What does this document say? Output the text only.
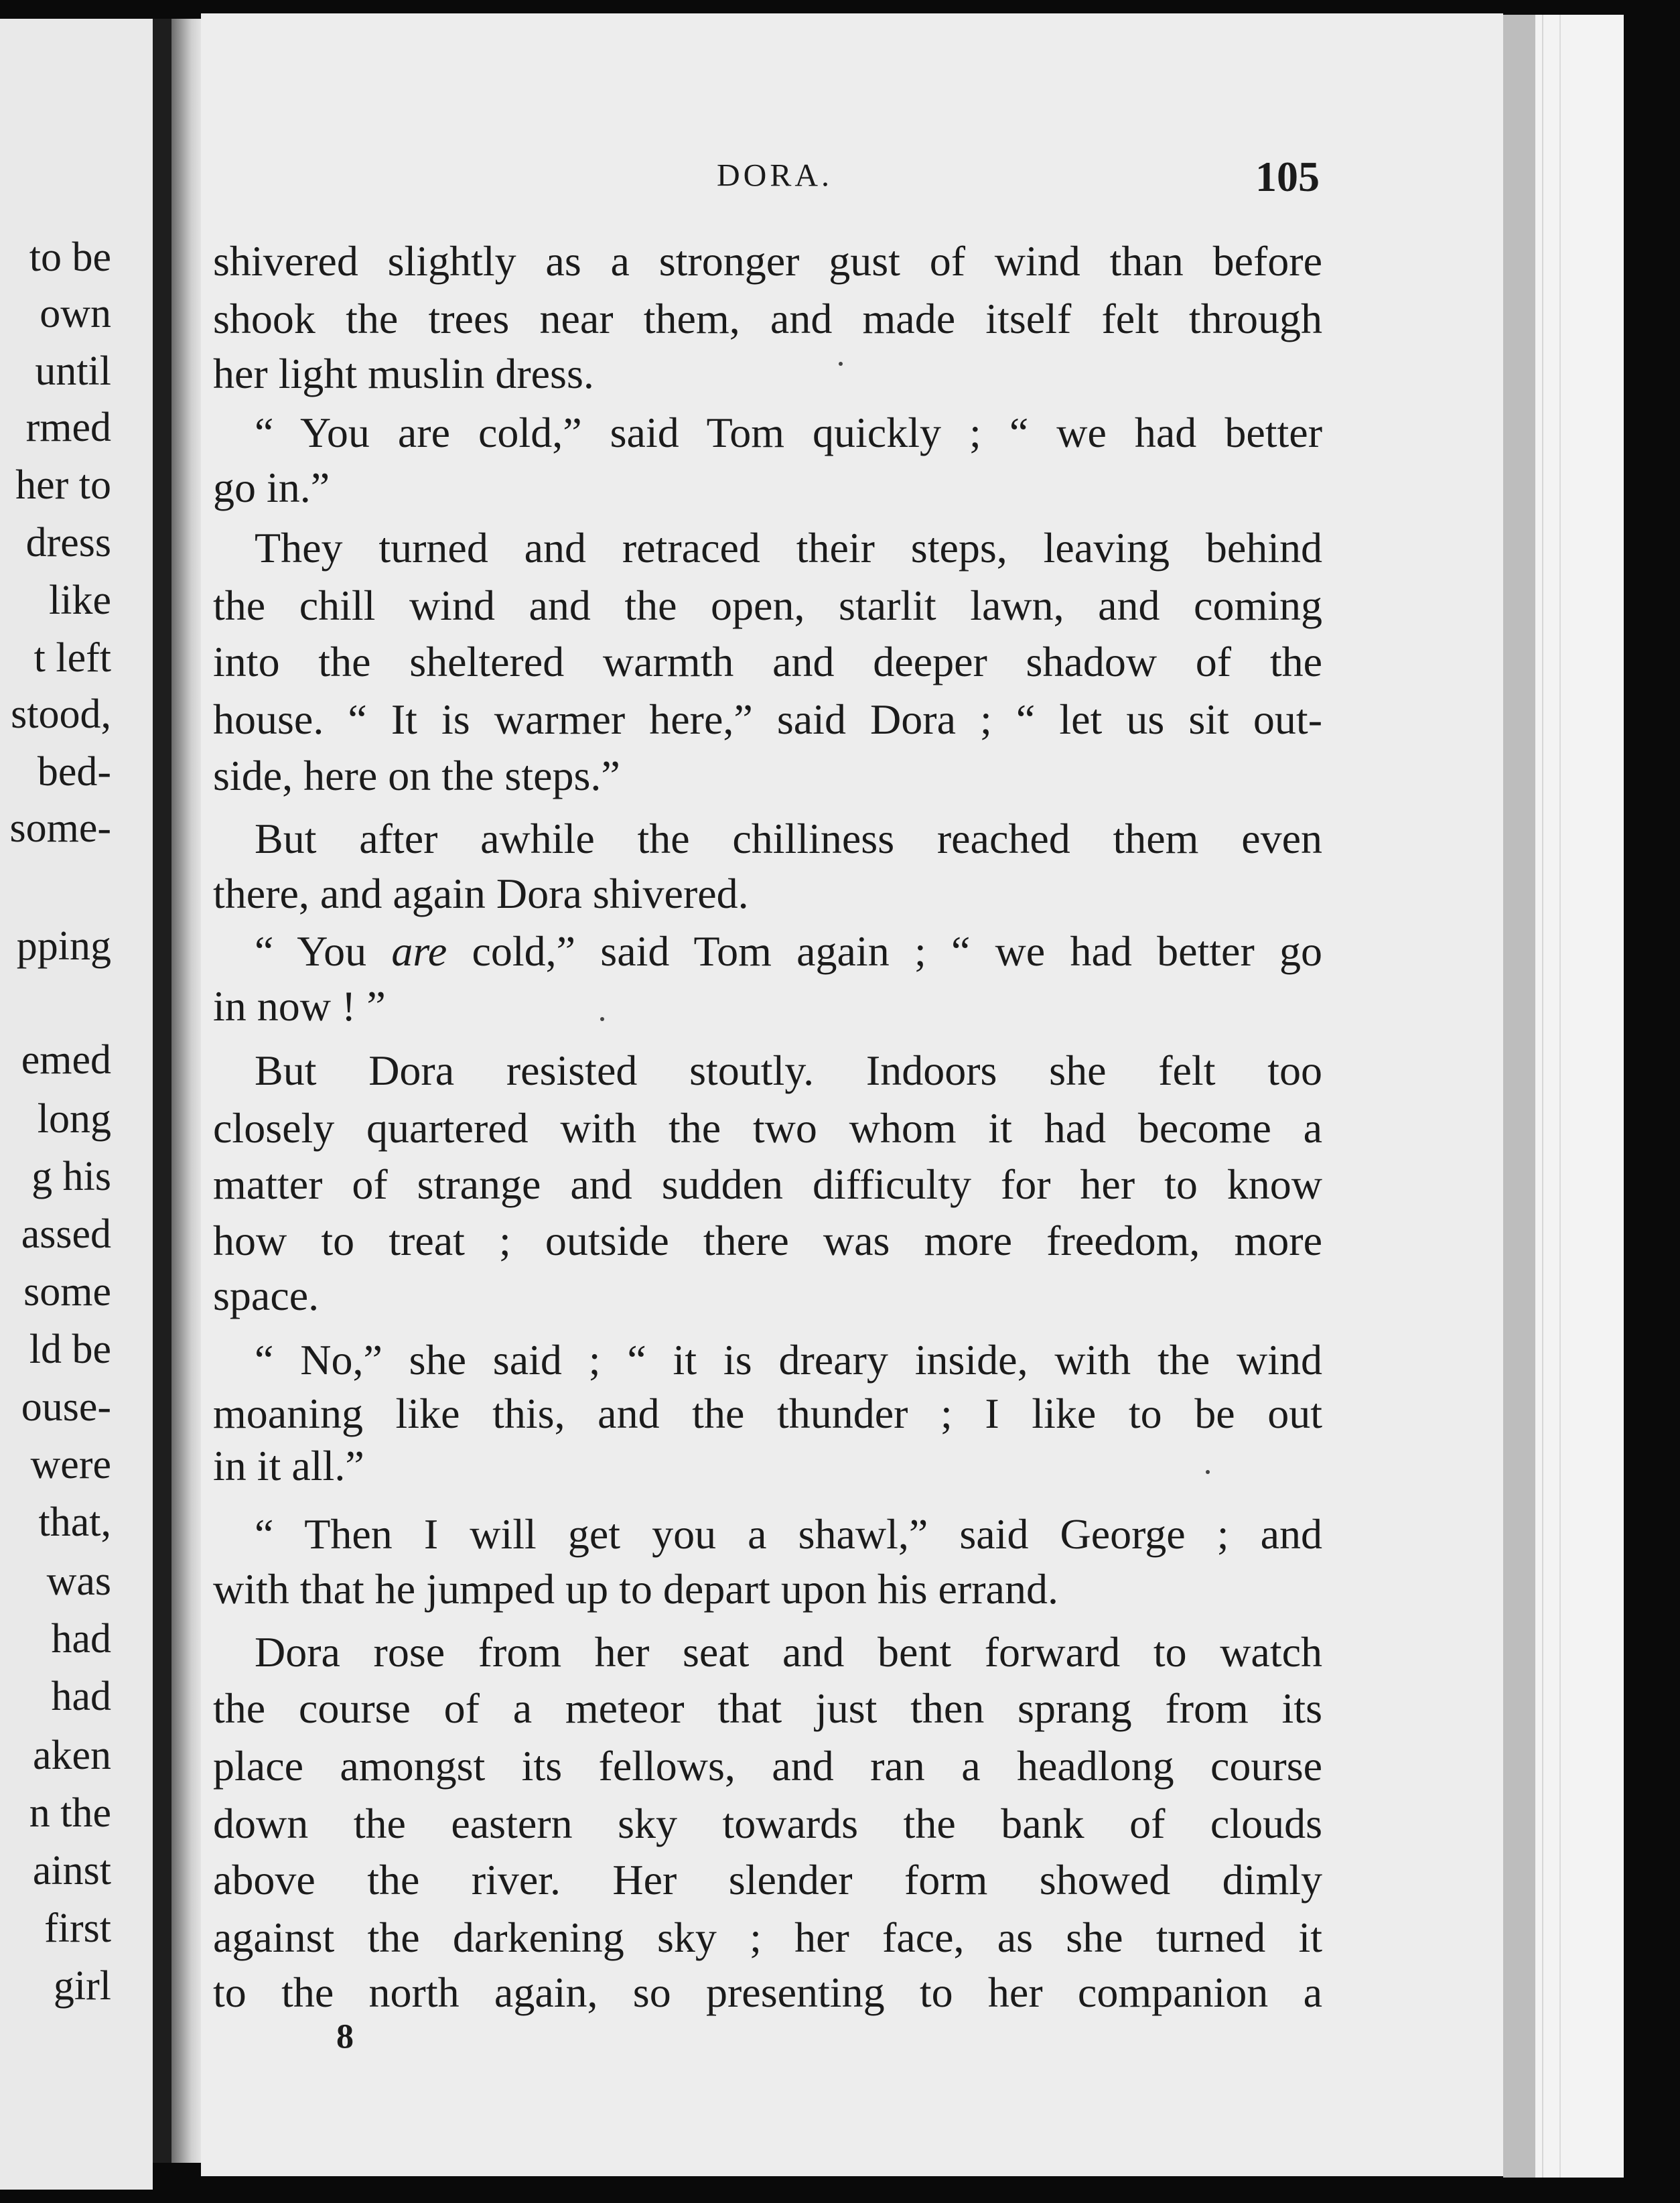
to be
own
until
rmed
her to
dress
like
t left
stood,
bed-
some-
pping
emed
long
g his
assed
some
ld be
ouse-
were
that,
was
had
had
aken
n the
ainst
first
girl
DORA.	105
shivered slightly as a stronger gust of wind than before
shook the trees near them, and made itself felt through
her light muslin dress.
“ You are cold,” said Tom quickly ; “ we had better
go in.”
They turned and retraced their steps, leaving behind
the chill wind and the open, starlit lawn, and coming
into the sheltered warmth and deeper shadow of the
house. “ It is warmer here,” said Dora ; “ let us sit out-
side, here on the steps.”
But after awhile the chilliness reached them even
there, and again Dora shivered.
“ You are cold,” said Tom again ; “ we had better go
in now ! ”
But Dora resisted stoutly. Indoors she felt too
closely quartered with the two whom it had become a
matter of strange and sudden difficulty for her to know
how to treat ; outside there was more freedom, more
space.
“ No,” she said ; “ it is dreary inside, with the wind
moaning like this, and the thunder ; I like to be out
in it all.”
“ Then I will get you a shawl,” said George ; and
with that he jumped up to depart upon his errand.
Dora rose from her seat and bent forward to watch
the course of a meteor that just then sprang from its
place amongst its fellows, and ran a headlong course
down the eastern sky towards the bank of clouds
above the river. Her slender form showed dimly
against the darkening sky ; her face, as she turned it
to the north again, so presenting to her companion a
8
